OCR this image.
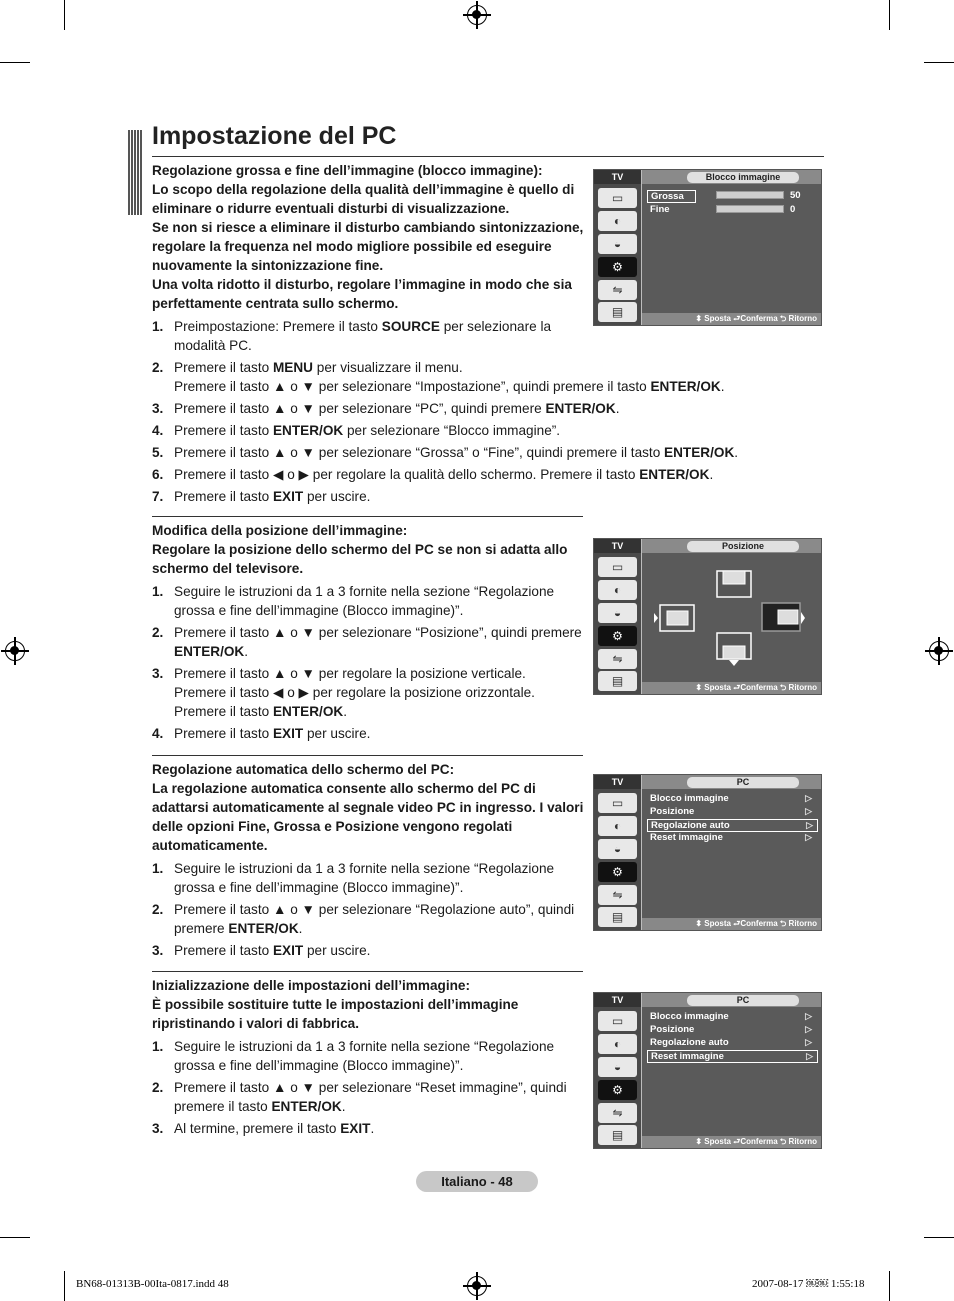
Impostazione del PC
Regolazione grossa e fine dell’immagine (blocco immagine):
Lo scopo della regolazione della qualità dell’immagine è quello di eliminare o ridurre eventuali disturbi di visualizzazione.
Se non si riesce a eliminare il disturbo cambiando sintonizzazione, regolare la frequenza nel modo migliore possibile ed eseguire nuovamente la sintonizzazione fine.
Una volta ridotto il disturbo, regolare l’immagine in modo che sia perfettamente centrata sullo schermo.
1. Preimpostazione: Premere il tasto SOURCE per selezionare la modalità PC.
2. Premere il tasto MENU per visualizzare il menu.
Premere il tasto ▲ o ▼ per selezionare “Impostazione”, quindi premere il tasto ENTER/OK.
3. Premere il tasto ▲ o ▼ per selezionare “PC”, quindi premere ENTER/OK.
4. Premere il tasto ENTER/OK per selezionare “Blocco immagine”.
5. Premere il tasto ▲ o ▼ per selezionare “Grossa” o “Fine”, quindi premere il tasto ENTER/OK.
6. Premere il tasto ◀ o ▶ per regolare la qualità dello schermo. Premere il tasto ENTER/OK.
7. Premere il tasto EXIT per uscire.
Modifica della posizione dell’immagine:
Regolare la posizione dello schermo del PC se non si adatta allo schermo del televisore.
1. Seguire le istruzioni da 1 a 3 fornite nella sezione “Regolazione grossa e fine dell’immagine (Blocco immagine)”.
2. Premere il tasto ▲ o ▼ per selezionare “Posizione”, quindi premere ENTER/OK.
3. Premere il tasto ▲ o ▼ per regolare la posizione verticale.
Premere il tasto ◀ o ▶ per regolare la posizione orizzontale.
Premere il tasto ENTER/OK.
4. Premere il tasto EXIT per uscire.
Regolazione automatica dello schermo del PC:
La regolazione automatica consente allo schermo del PC di adattarsi automaticamente al segnale video PC in ingresso. I valori delle opzioni Fine, Grossa e Posizione vengono regolati automaticamente.
1. Seguire le istruzioni da 1 a 3 fornite nella sezione “Regolazione grossa e fine dell’immagine (Blocco immagine)”.
2. Premere il tasto ▲ o ▼ per selezionare “Regolazione auto”, quindi premere ENTER/OK.
3. Premere il tasto EXIT per uscire.
Inizializzazione delle impostazioni dell’immagine:
È possibile sostituire tutte le impostazioni dell’immagine ripristinando i valori di fabbrica.
1. Seguire le istruzioni da 1 a 3 fornite nella sezione “Regolazione grossa e fine dell’immagine (Blocco immagine)”.
2. Premere il tasto ▲ o ▼ per selezionare “Reset immagine”, quindi premere il tasto ENTER/OK.
3. Al termine, premere il tasto EXIT.
TV
▭
◐
◒
⚙
⇋
▤
Blocco immagine
Grossa	50
Fine	0
⬍ Sposta ⮐Conferma ⮌ Ritorno
TV
▭
◐
◒
⚙
⇋
▤
Posizione
⬍ Sposta ⮐Conferma ⮌ Ritorno
TV
▭
◐
◒
⚙
⇋
▤
PC
⬍ Sposta ⮐Conferma ⮌ Ritorno
Blocco immagine	▷
Posizione	▷
Regolazione auto	▷
Reset immagine	▷
TV
▭
◐
◒
⚙
⇋
▤
PC
⬍ Sposta ⮐Conferma ⮌ Ritorno
Blocco immagine	▷
Posizione	▷
Regolazione auto	▷
Reset immagine	▷
Italiano - 48
BN68-01313B-00Ita-0817.indd 48	2007-08-17 ￼￼ 1:55:18
